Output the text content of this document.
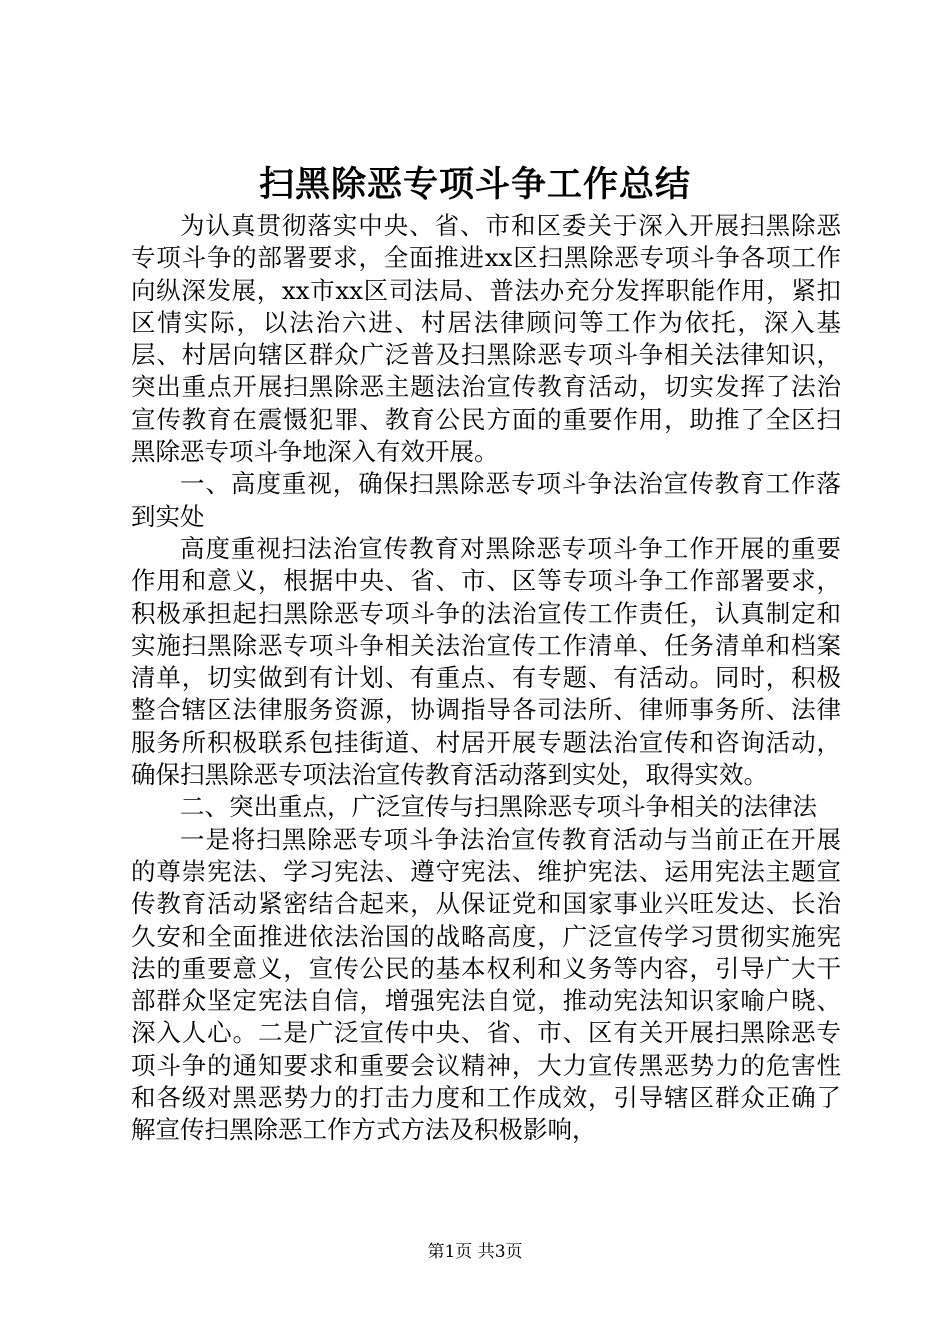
扫黑除恶专项斗争工作总结

为认真贯彻落实中央、省、市和区委关于深入开展扫黑除恶专项斗争的部署要求，全面推进xx区扫黑除恶专项斗争各项工作向纵深发展，xx市xx区司法局、普法办充分发挥职能作用，紧扣区情实际，以法治六进、村居法律顾问等工作为依托，深入基层、村居向辖区群众广泛普及扫黑除恶专项斗争相关法律知识，突出重点开展扫黑除恶主题法治宣传教育活动，切实发挥了法治宣传教育在震慑犯罪、教育公民方面的重要作用，助推了全区扫黑除恶专项斗争地深入有效开展。

一、高度重视，确保扫黑除恶专项斗争法治宣传教育工作落到实处

高度重视扫法治宣传教育对黑除恶专项斗争工作开展的重要作用和意义，根据中央、省、市、区等专项斗争工作部署要求，积极承担起扫黑除恶专项斗争的法治宣传工作责任，认真制定和实施扫黑除恶专项斗争相关法治宣传工作清单、任务清单和档案清单，切实做到有计划、有重点、有专题、有活动。同时，积极整合辖区法律服务资源，协调指导各司法所、律师事务所、法律服务所积极联系包挂街道、村居开展专题法治宣传和咨询活动，确保扫黑除恶专项法治宣传教育活动落到实处，取得实效。

二、突出重点，广泛宣传与扫黑除恶专项斗争相关的法律法

一是将扫黑除恶专项斗争法治宣传教育活动与当前正在开展的尊崇宪法、学习宪法、遵守宪法、维护宪法、运用宪法主题宣传教育活动紧密结合起来，从保证党和国家事业兴旺发达、长治久安和全面推进依法治国的战略高度，广泛宣传学习贯彻实施宪法的重要意义，宣传公民的基本权利和义务等内容，引导广大干部群众坚定宪法自信，增强宪法自觉，推动宪法知识家喻户晓、深入人心。二是广泛宣传中央、省、市、区有关开展扫黑除恶专项斗争的通知要求和重要会议精神，大力宣传黑恶势力的危害性和各级对黑恶势力的打击力度和工作成效，引导辖区群众正确了解宣传扫黑除恶工作方式方法及积极影响，

第1页 共3页
